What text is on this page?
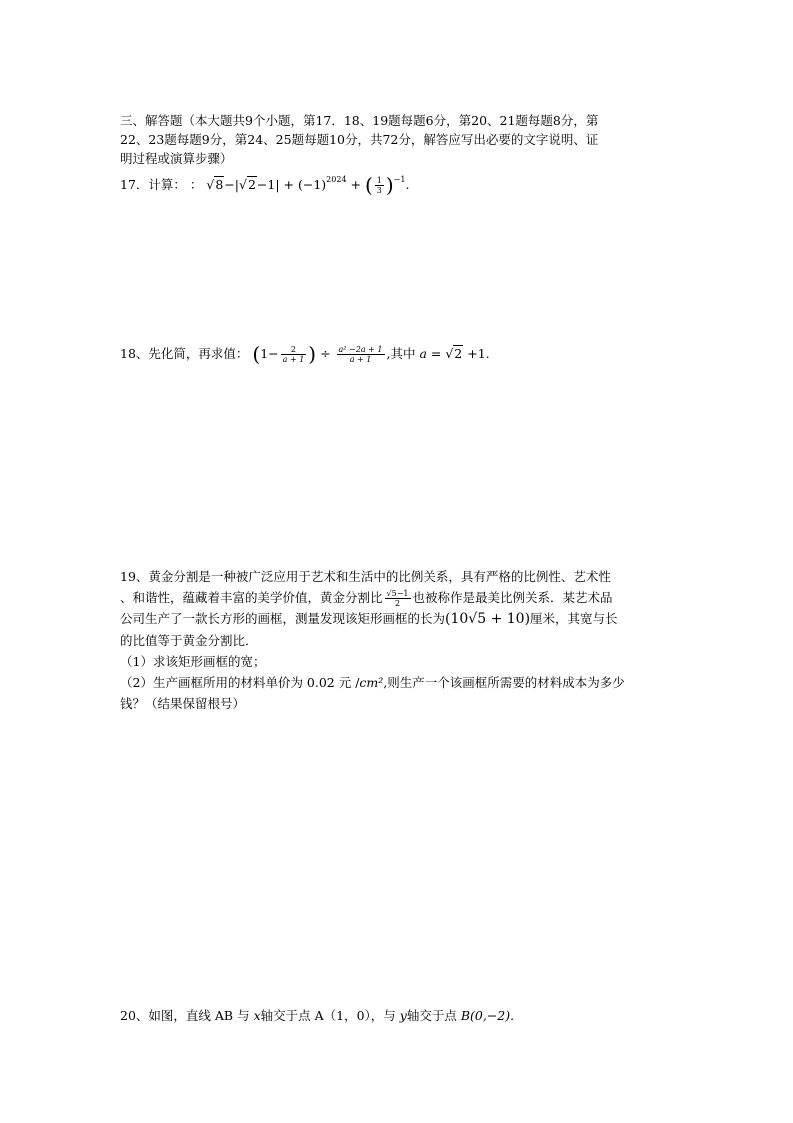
三、解答题（本大题共9个小题，第17．18、19题每题6分，第20、21题每题8分，第
22、23题每题9分，第24、25题每题10分，共72分，解答应写出必要的文字说明、证
明过程或演算步骤）
17．计算： ： $√8-|√2-1| + (-1)^{2024}$ + ( $\frac{1}{3} )^{-1}$.
18、先化简，再求值： ($1- \frac{2}{a + 1}$ ) ÷ $\frac{\text{a² −2a + 1}}{a + 1}$ ,其中 a = √2 +1.
19、黄金分割是一种被广泛应用于艺术和生活中的比例关系，具有严格的比例性、艺术性
、和谐性，蕴藏着丰富的美学价值，黄金分割比 $\frac{√5-1}{2}$ 也被称作是最美比例关系．某艺术品
公司生产了一款长方形的画框，测量发现该矩形画框的长为(10√5 + 10)厘米，其宽与长
的比值等于黄金分割比．
（1）求该矩形画框的宽；
（2）生产画框所用的材料单价为 0.02 元 /cm²,则生产一个该画框所需要的材料成本为多少
钱？（结果保留根号）
20、如图，直线 AB 与 x轴交于点 A（1，0），与 y轴交于点 B(0,−2).
